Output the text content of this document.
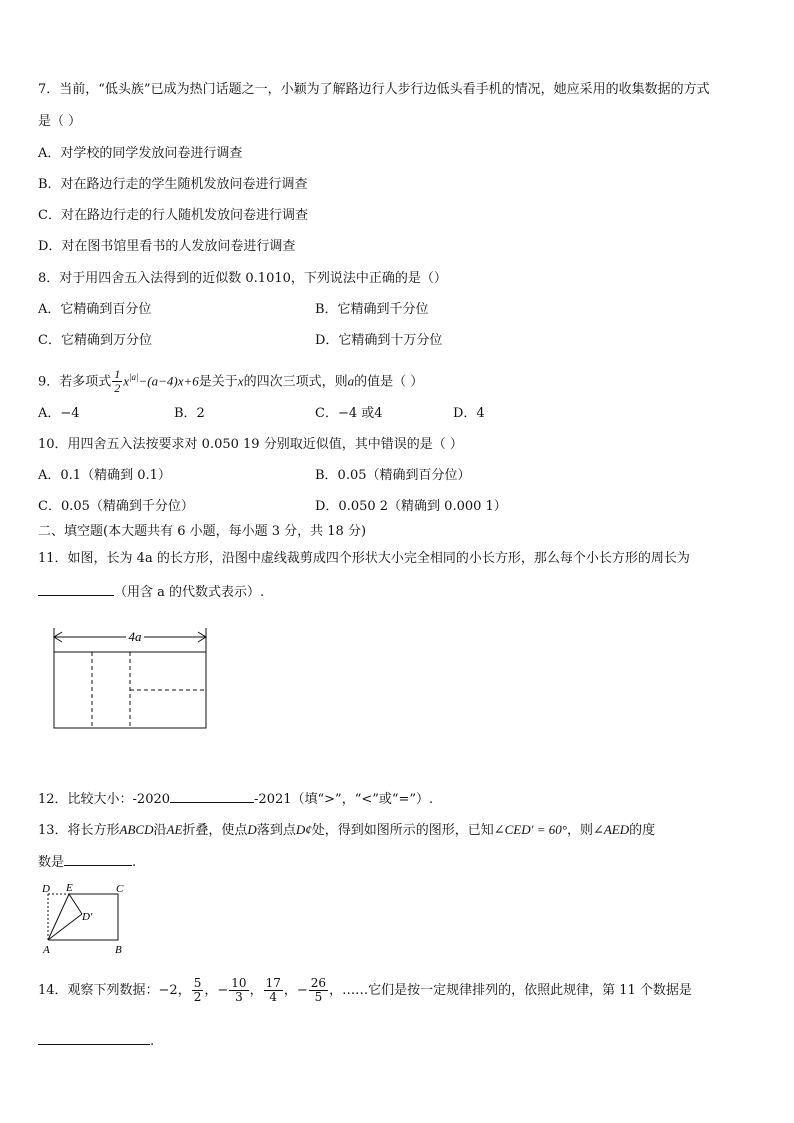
7．当前，“低头族”已成为热门话题之一，小颖为了解路边行人步行边低头看手机的情况，她应采用的收集数据的方式
是（ ）
A．对学校的同学发放问卷进行调查
B．对在路边行走的学生随机发放问卷进行调查
C．对在路边行走的行人随机发放问卷进行调查
D．对在图书馆里看书的人发放问卷进行调查
8．对于用四舍五入法得到的近似数 0.1010，下列说法中正确的是（）
A．它精确到百分位	B．它精确到千分位
C．它精确到万分位	D．它精确到十万分位
9．若多项式 $\frac{1}{2} x^{|a|}-(a-4)x+6$是关于x的四次三项式，则a的值是（ ）
A．−4	B．2	C．−4 或4	D．4
10．用四舍五入法按要求对 0.050 19 分别取近似值，其中错误的是（ ）
A．0.1（精确到 0.1）	B．0.05（精确到百分位）
C．0.05（精确到千分位）	D．0.050 2（精确到 0.000 1）
二、填空题(本大题共有 6 小题，每小题 3 分，共 18 分)
11．如图，长为 4a 的长方形，沿图中虚线裁剪成四个形状大小完全相同的小长方形，那么每个小长方形的周长为
（用含 a 的代数式表示）.
4a
12．比较大小：-2020	-2021（填“>”，“<”或“=”）.
13．将长方形ABCD沿AE折叠，使点D落到点D¢处，得到如图所示的图形，已知∠CED′ = 60°，则∠AED的度
数是	.
D E	C
D′
A	B
14．观察下列数据：−2， $\frac{5}{2}$ ，− $\frac{10}{3}$ ， $\frac{17}{4}$ ，− $\frac{26}{5}$ ，……它们是按一定规律排列的，依照此规律，第 11 个数据是
.
